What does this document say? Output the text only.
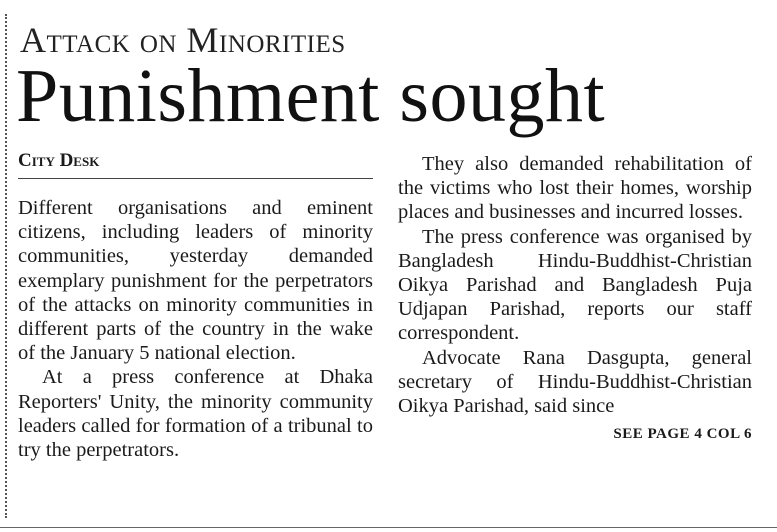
Attack on Minorities
Punishment sought
City Desk

Different organisations and eminent citizens, including leaders of minority communities, yesterday demanded exemplary punishment for the perpetrators of the attacks on minority communities in different parts of the country in the wake of the January 5 national election.

At a press conference at Dhaka Reporters' Unity, the minority community leaders called for formation of a tribunal to try the perpetrators.

They also demanded rehabilitation of the victims who lost their homes, worship places and businesses and incurred losses.

The press conference was organised by Bangladesh Hindu-Buddhist-Christian Oikya Parishad and Bangladesh Puja Udjapan Parishad, reports our staff correspondent.

Advocate Rana Dasgupta, general secretary of Hindu-Buddhist-Christian Oikya Parishad, said since

SEE PAGE 4 COL 6
